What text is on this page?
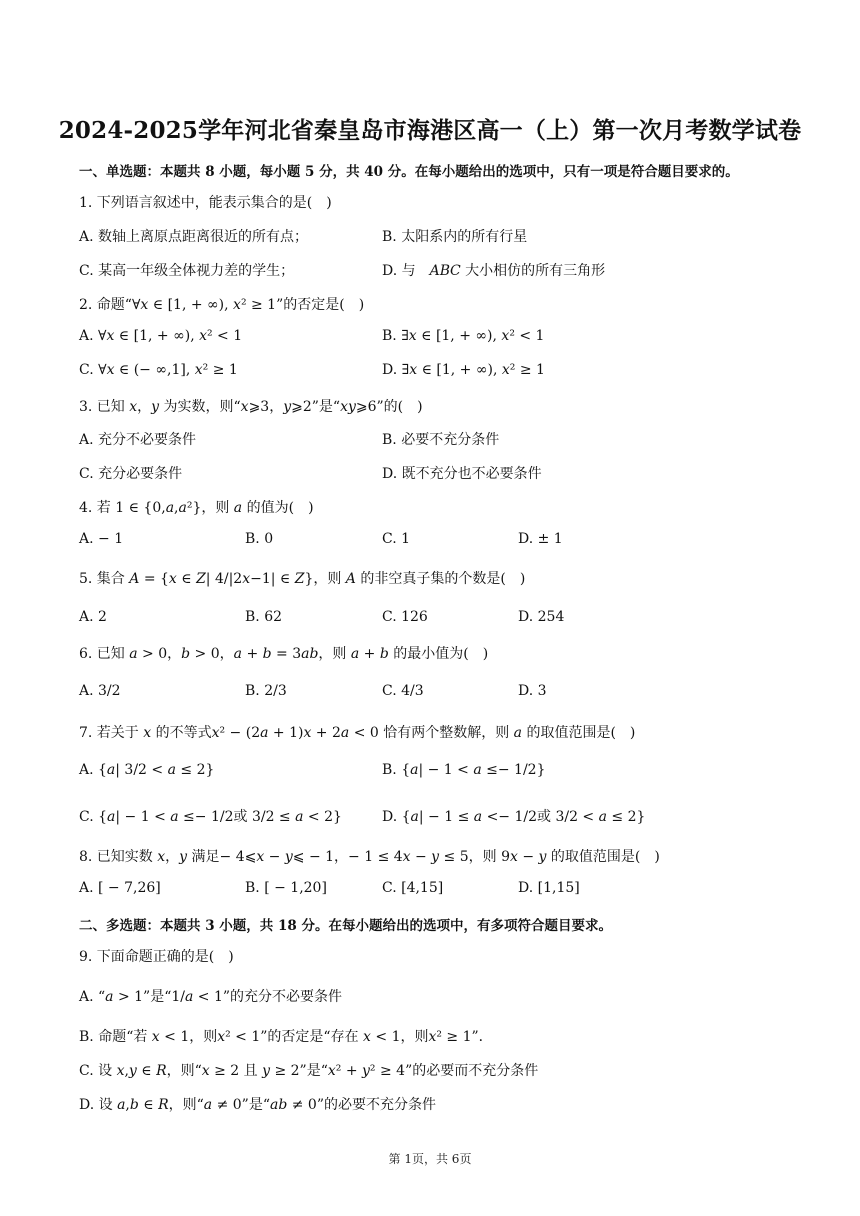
2024-2025学年河北省秦皇岛市海港区高一（上）第一次月考数学试卷
一、单选题：本题共 8 小题，每小题 5 分，共 40 分。在每小题给出的选项中，只有一项是符合题目要求的。
1. 下列语言叙述中，能表示集合的是(　)
A. 数轴上离原点距离很近的所有点；	B. 太阳系内的所有行星
C. 某高一年级全体视力差的学生；	D. 与　𝐴𝐵𝐶 大小相仿的所有三角形
2. 命题“∀𝑥 ∈ [1, + ∞), 𝑥² ≥ 1”的否定是(　)
A. ∀𝑥 ∈ [1, + ∞), 𝑥² < 1	B. ∃𝑥 ∈ [1, + ∞), 𝑥² < 1
C. ∀𝑥 ∈ (− ∞,1], 𝑥² ≥ 1	D. ∃𝑥 ∈ [1, + ∞), 𝑥² ≥ 1
3. 已知 𝑥，𝑦 为实数，则“𝑥⩾3，𝑦⩾2”是“𝑥𝑦⩾6”的(　)
A. 充分不必要条件	B. 必要不充分条件
C. 充分必要条件	D. 既不充分也不必要条件
4. 若 1 ∈ {0,𝑎,𝑎²}，则 𝑎 的值为(　)
A. − 1	B. 0	C. 1	D. ± 1
5. 集合 𝐴 = {𝑥 ∈ 𝑍| 4/|2𝑥−1| ∈ 𝑍}，则 𝐴 的非空真子集的个数是(　)
A. 2	B. 62	C. 126	D. 254
6. 已知 𝑎 > 0，𝑏 > 0，𝑎 + 𝑏 = 3𝑎𝑏，则 𝑎 + 𝑏 的最小值为(　)
A. 3/2	B. 2/3	C. 4/3	D. 3
7. 若关于 𝑥 的不等式𝑥² − (2𝑎 + 1)𝑥 + 2𝑎 < 0 恰有两个整数解，则 𝑎 的取值范围是(　)
A. {𝑎| 3/2 < 𝑎 ≤ 2}	B. {𝑎| − 1 < 𝑎 ≤− 1/2}
C. {𝑎| − 1 < 𝑎 ≤− 1/2或 3/2 ≤ 𝑎 < 2}	D. {𝑎| − 1 ≤ 𝑎 <− 1/2或 3/2 < 𝑎 ≤ 2}
8. 已知实数 𝑥，𝑦 满足− 4⩽𝑥 − 𝑦⩽ − 1，− 1 ≤ 4𝑥 − 𝑦 ≤ 5，则 9𝑥 − 𝑦 的取值范围是(　)
A. [ − 7,26]	B. [ − 1,20]	C. [4,15]	D. [1,15]
二、多选题：本题共 3 小题，共 18 分。在每小题给出的选项中，有多项符合题目要求。
9. 下面命题正确的是(　)
A. “𝑎 > 1”是“1/𝑎 < 1”的充分不必要条件
B. 命题“若 𝑥 < 1，则𝑥² < 1”的否定是“存在 𝑥 < 1，则𝑥² ≥ 1”．
C. 设 𝑥,𝑦 ∈ 𝑅，则“𝑥 ≥ 2 且 𝑦 ≥ 2”是“𝑥² + 𝑦² ≥ 4”的必要而不充分条件
D. 设 𝑎,𝑏 ∈ 𝑅，则“𝑎 ≠ 0”是“𝑎𝑏 ≠ 0”的必要不充分条件
第 1页，共 6页
